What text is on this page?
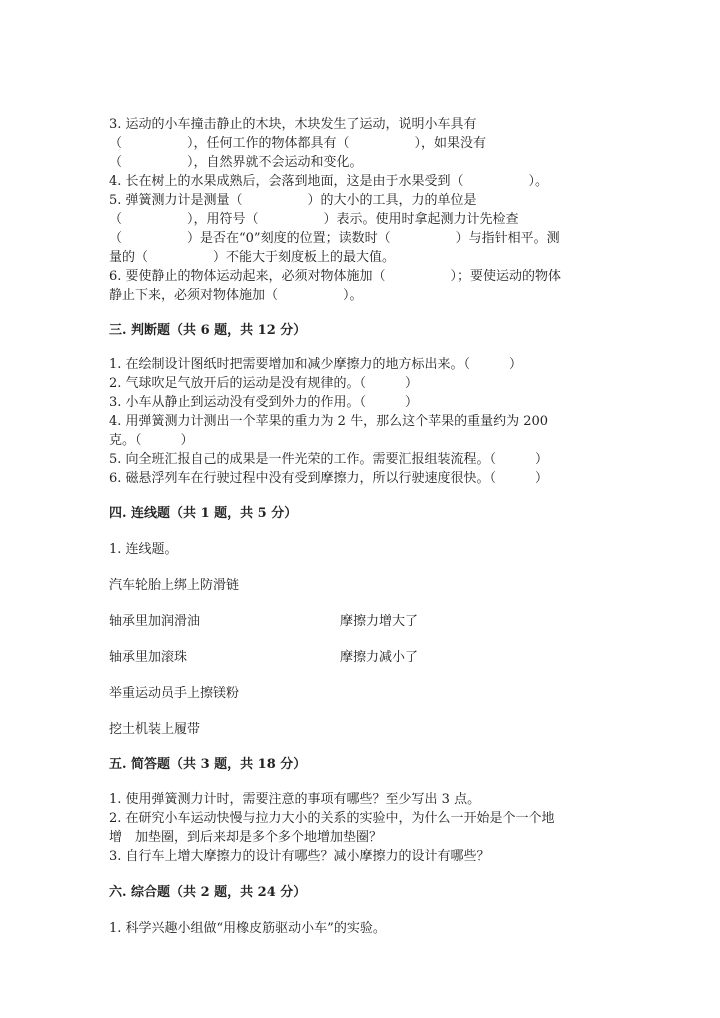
3. 运动的小车撞击静止的木块，木块发生了运动，说明小车具有
（　　　　　），任何工作的物体都具有（　　　　　），如果没有
（　　　　　），自然界就不会运动和变化。
4. 长在树上的水果成熟后，会落到地面，这是由于水果受到（　　　　　）。
5. 弹簧测力计是测量（　　　　　）的大小的工具，力的单位是
（　　　　　），用符号（　　　　　）表示。使用时拿起测力计先检查
（　　　　　）是否在“0”刻度的位置；读数时（　　　　　）与指针相平。测
量的（　　　　　）不能大于刻度板上的最大值。
6. 要使静止的物体运动起来，必须对物体施加（　　　　　）；要使运动的物体
静止下来，必须对物体施加（　　　　　）。
三. 判断题（共 6 题，共 12 分）
1. 在绘制设计图纸时把需要增加和减少摩擦力的地方标出来。（　　　）
2. 气球吹足气放开后的运动是没有规律的。（　　　）
3. 小车从静止到运动没有受到外力的作用。（　　　）
4. 用弹簧测力计测出一个苹果的重力为 2 牛，那么这个苹果的重量约为 200
克。（　　　）
5. 向全班汇报自己的成果是一件光荣的工作。需要汇报组装流程。（　　　）
6. 磁悬浮列车在行驶过程中没有受到摩擦力，所以行驶速度很快。（　　　）
四. 连线题（共 1 题，共 5 分）
1. 连线题。
汽车轮胎上绑上防滑链
轴承里加润滑油	摩擦力增大了
轴承里加滚珠	摩擦力减小了
举重运动员手上擦镁粉
挖土机装上履带
五. 简答题（共 3 题，共 18 分）
1. 使用弹簧测力计时，需要注意的事项有哪些？至少写出 3 点。
2. 在研究小车运动快慢与拉力大小的关系的实验中，为什么一开始是个一个地
增　加垫圈，到后来却是多个多个地增加垫圈？
3. 自行车上增大摩擦力的设计有哪些？减小摩擦力的设计有哪些？
六. 综合题（共 2 题，共 24 分）
1. 科学兴趣小组做“用橡皮筋驱动小车”的实验。
